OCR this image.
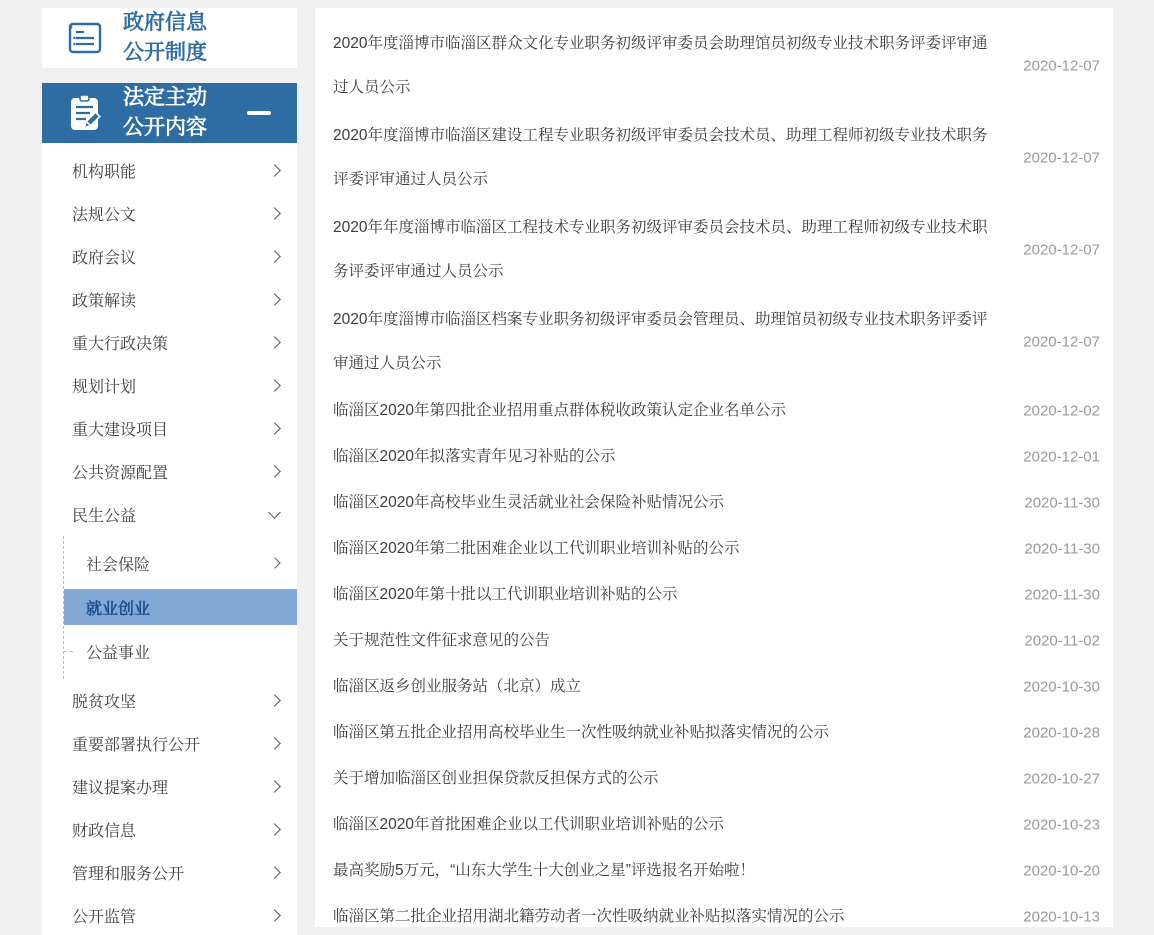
政府信息
公开制度
法定主动
公开内容
机构职能
法规公文
政府会议
政策解读
重大行政决策
规划计划
重大建设项目
公共资源配置
民生公益
社会保险
就业创业
公益事业
脱贫攻坚
重要部署执行公开
建议提案办理
财政信息
管理和服务公开
公开监管
2020年度淄博市临淄区群众文化专业职务初级评审委员会助理馆员初级专业技术职务评委评审通过人员公示
2020-12-07
2020年度淄博市临淄区建设工程专业职务初级评审委员会技术员、助理工程师初级专业技术职务评委评审通过人员公示
2020-12-07
2020年年度淄博市临淄区工程技术专业职务初级评审委员会技术员、助理工程师初级专业技术职务评委评审通过人员公示
2020-12-07
2020年度淄博市临淄区档案专业职务初级评审委员会管理员、助理馆员初级专业技术职务评委评审通过人员公示
2020-12-07
临淄区2020年第四批企业招用重点群体税收政策认定企业名单公示	2020-12-02
临淄区2020年拟落实青年见习补贴的公示	2020-12-01
临淄区2020年高校毕业生灵活就业社会保险补贴情况公示	2020-11-30
临淄区2020年第二批困难企业以工代训职业培训补贴的公示	2020-11-30
临淄区2020年第十批以工代训职业培训补贴的公示	2020-11-30
关于规范性文件征求意见的公告	2020-11-02
临淄区返乡创业服务站（北京）成立	2020-10-30
临淄区第五批企业招用高校毕业生一次性吸纳就业补贴拟落实情况的公示	2020-10-28
关于增加临淄区创业担保贷款反担保方式的公示	2020-10-27
临淄区2020年首批困难企业以工代训职业培训补贴的公示	2020-10-23
最高奖励5万元，“山东大学生十大创业之星”评选报名开始啦！	2020-10-20
临淄区第二批企业招用湖北籍劳动者一次性吸纳就业补贴拟落实情况的公示	2020-10-13
